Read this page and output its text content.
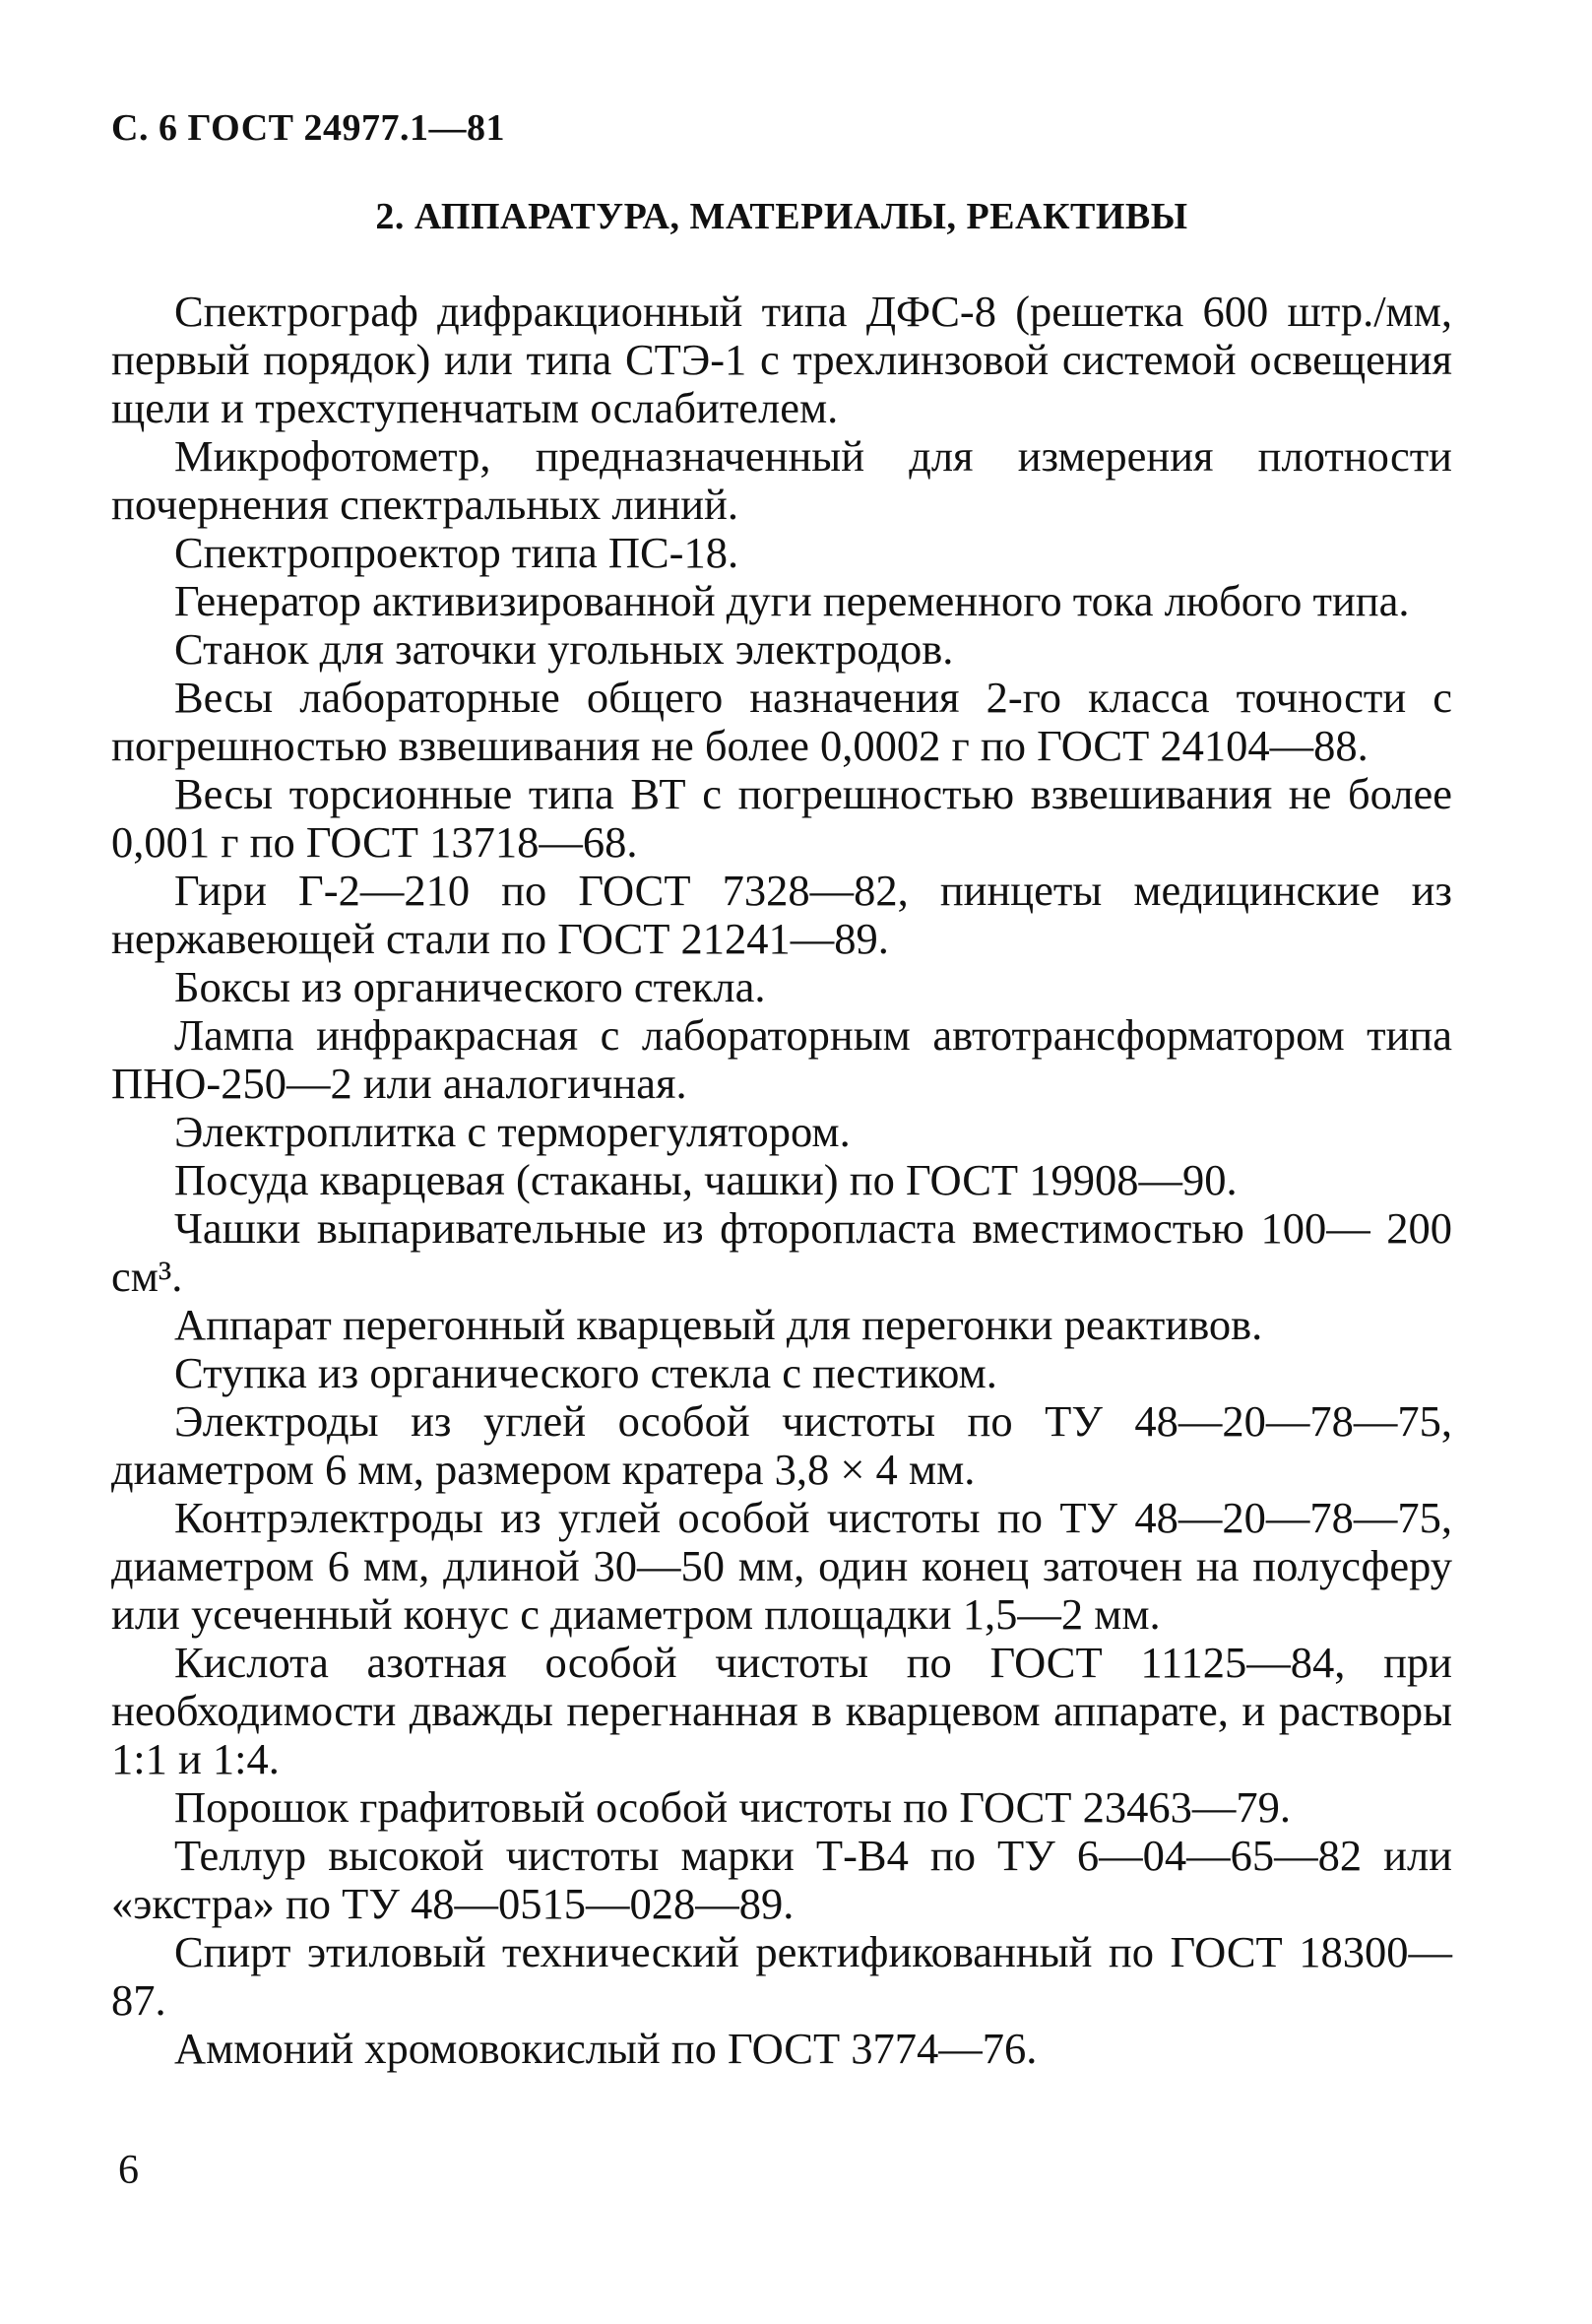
С. 6 ГОСТ 24977.1—81
2. АППАРАТУРА, МАТЕРИАЛЫ, РЕАКТИВЫ

Спектрограф дифракционный типа ДФС-8 (решетка 600 штр./мм, первый порядок) или типа СТЭ-1 с трехлинзовой системой освещения щели и трехступенчатым ослабителем.

Микрофотометр, предназначенный для измерения плотности почернения спектральных линий.

Спектропроектор типа ПС-18.

Генератор активизированной дуги переменного тока любого типа.

Станок для заточки угольных электродов.

Весы лабораторные общего назначения 2-го класса точности с погрешностью взвешивания не более 0,0002 г по ГОСТ 24104—88.

Весы торсионные типа ВТ с погрешностью взвешивания не более 0,001 г по ГОСТ 13718—68.

Гири Г-2—210 по ГОСТ 7328—82, пинцеты медицинские из нержавеющей стали по ГОСТ 21241—89.

Боксы из органического стекла.

Лампа инфракрасная с лабораторным автотрансформатором типа ПНО-250—2 или аналогичная.

Электроплитка с терморегулятором.

Посуда кварцевая (стаканы, чашки) по ГОСТ 19908—90.

Чашки выпаривательные из фторопласта вместимостью 100— 200 см³.

Аппарат перегонный кварцевый для перегонки реактивов.

Ступка из органического стекла с пестиком.

Электроды из углей особой чистоты по ТУ 48—20—78—75, диаметром 6 мм, размером кратера 3,8 × 4 мм.

Контрэлектроды из углей особой чистоты по ТУ 48—20—78—75, диаметром 6 мм, длиной 30—50 мм, один конец заточен на полусферу или усеченный конус с диаметром площадки 1,5—2 мм.

Кислота азотная особой чистоты по ГОСТ 11125—84, при необходимости дважды перегнанная в кварцевом аппарате, и растворы 1:1 и 1:4.

Порошок графитовый особой чистоты по ГОСТ 23463—79.

Теллур высокой чистоты марки Т-В4 по ТУ 6—04—65—82 или «экстра» по ТУ 48—0515—028—89.

Спирт этиловый технический ректификованный по ГОСТ 18300—87.

Аммоний хромовокислый по ГОСТ 3774—76.

6
